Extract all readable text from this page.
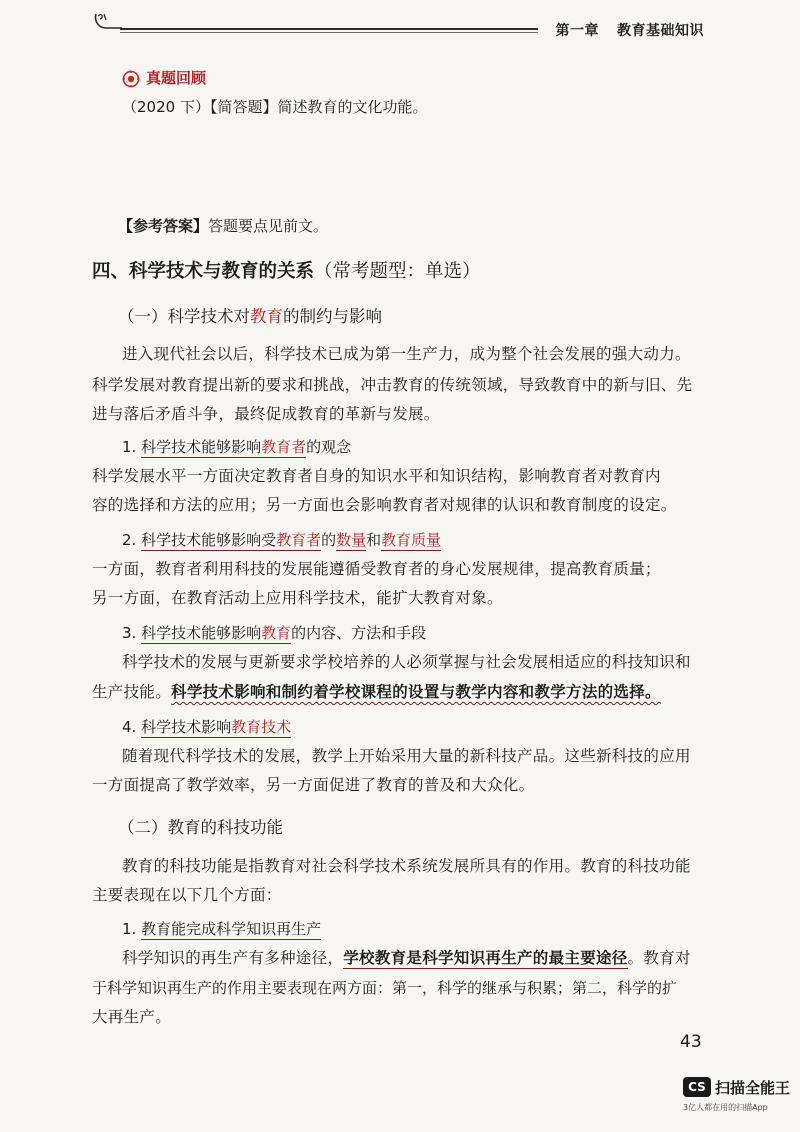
第一章 教育基础知识
真题回顾
（2020 下）【简答题】简述教育的文化功能。
【参考答案】答题要点见前文。
四、科学技术与教育的关系（常考题型：单选）
（一）科学技术对教育的制约与影响
进入现代社会以后，科学技术已成为第一生产力，成为整个社会发展的强大动力。
科学发展对教育提出新的要求和挑战，冲击教育的传统领域，导致教育中的新与旧、先
进与落后矛盾斗争，最终促成教育的革新与发展。
1. 科学技术能够影响教育者的观念
科学发展水平一方面决定教育者自身的知识水平和知识结构，影响教育者对教育内
容的选择和方法的应用；另一方面也会影响教育者对规律的认识和教育制度的设定。
2. 科学技术能够影响受教育者的数量和教育质量
一方面，教育者利用科技的发展能遵循受教育者的身心发展规律，提高教育质量；
另一方面，在教育活动上应用科学技术，能扩大教育对象。
3. 科学技术能够影响教育的内容、方法和手段
科学技术的发展与更新要求学校培养的人必须掌握与社会发展相适应的科技知识和
生产技能。科学技术影响和制约着学校课程的设置与教学内容和教学方法的选择。
4. 科学技术影响教育技术
随着现代科学技术的发展，教学上开始采用大量的新科技产品。这些新科技的应用
一方面提高了教学效率，另一方面促进了教育的普及和大众化。
（二）教育的科技功能
教育的科技功能是指教育对社会科学技术系统发展所具有的作用。教育的科技功能
主要表现在以下几个方面：
1. 教育能完成科学知识再生产
科学知识的再生产有多种途径，学校教育是科学知识再生产的最主要途径。教育对
于科学知识再生产的作用主要表现在两方面：第一，科学的继承与积累；第二，科学的扩
大再生产。
43
CS 扫描全能王
3亿人都在用的扫描App
